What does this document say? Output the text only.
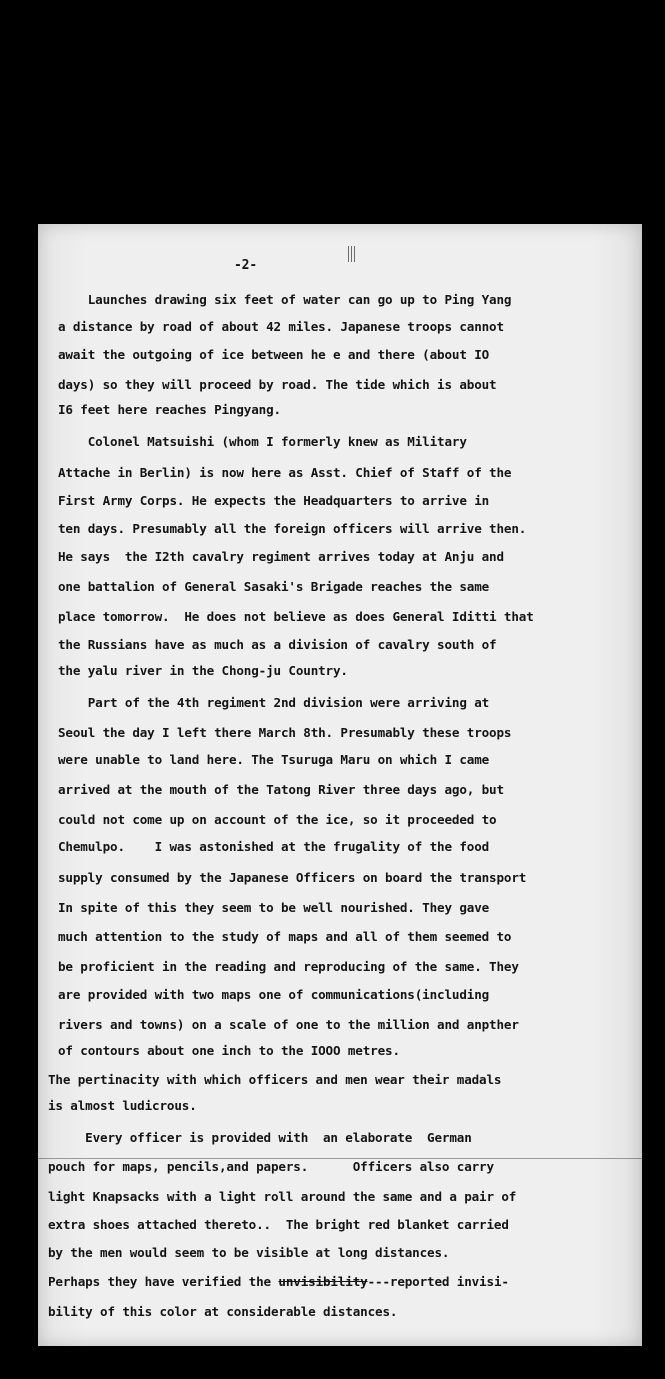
-2-
Launches drawing six feet of water can go up to Ping Yang
a distance by road of about 42 miles. Japanese troops cannot
await the outgoing of ice between he e and there (about IO
days) so they will proceed by road. The tide which is about
I6 feet here reaches Pingyang.
Colonel Matsuishi (whom I formerly knew as Military
Attache in Berlin) is now here as Asst. Chief of Staff of the
First Army Corps. He expects the Headquarters to arrive in
ten days. Presumably all the foreign officers will arrive then.
He says  the I2th cavalry regiment arrives today at Anju and
one battalion of General Sasaki's Brigade reaches the same
place tomorrow.  He does not believe as does General Iditti that
the Russians have as much as a division of cavalry south of
the yalu river in the Chong-ju Country.
Part of the 4th regiment 2nd division were arriving at
Seoul the day I left there March 8th. Presumably these troops
were unable to land here. The Tsuruga Maru on which I came
arrived at the mouth of the Tatong River three days ago, but
could not come up on account of the ice, so it proceeded to
Chemulpo.    I was astonished at the frugality of the food
supply consumed by the Japanese Officers on board the transport
In spite of this they seem to be well nourished. They gave
much attention to the study of maps and all of them seemed to
be proficient in the reading and reproducing of the same. They
are provided with two maps one of communications(including
rivers and towns) on a scale of one to the million and anpther
of contours about one inch to the IOOO metres.
The pertinacity with which officers and men wear their madals
is almost ludicrous.
Every officer is provided with  an elaborate  German
pouch for maps, pencils,and papers.      Officers also carry
light Knapsacks with a light roll around the same and a pair of
extra shoes attached thereto..  The bright red blanket carried
by the men would seem to be visible at long distances.
Perhaps they have verified the unvisibility---reported invisi-
bility of this color at considerable distances.
